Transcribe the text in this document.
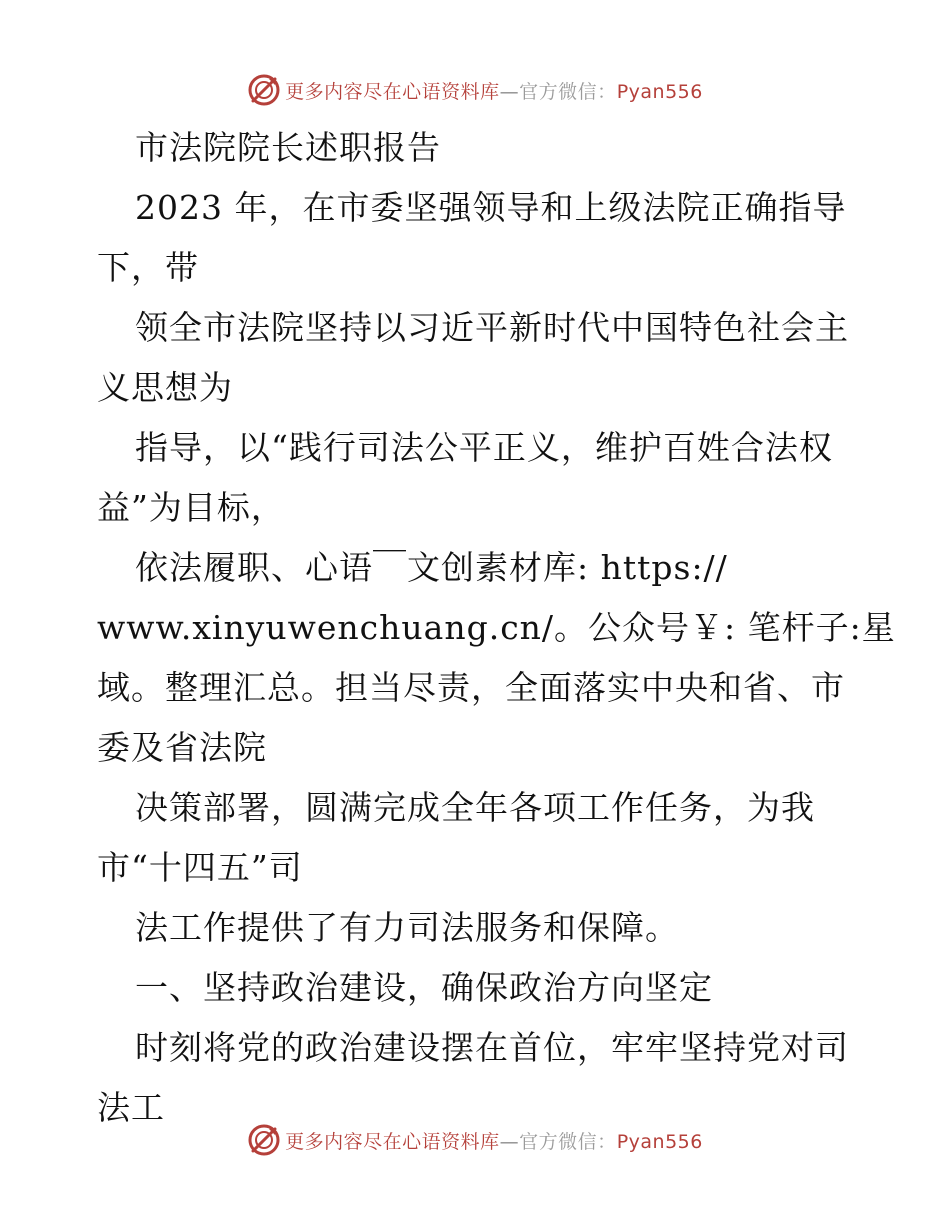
更多内容尽在心语资料库—官方微信：Pyan556
市法院院长述职报告
2023 年，在市委坚强领导和上级法院正确指导
下，带
领全市法院坚持以习近平新时代中国特色社会主
义思想为
指导，以“践行司法公平正义，维护百姓合法权
益”为目标，
依法履职、心语￣文创素材库: https://
www.xinyuwenchuang.cn/。公众号￥: 笔杆子:星
域。整理汇总。担当尽责，全面落实中央和省、市
委及省法院
决策部署，圆满完成全年各项工作任务，为我
市“十四五”司
法工作提供了有力司法服务和保障。
一、坚持政治建设，确保政治方向坚定
时刻将党的政治建设摆在首位，牢牢坚持党对司
法工
更多内容尽在心语资料库—官方微信：Pyan556
